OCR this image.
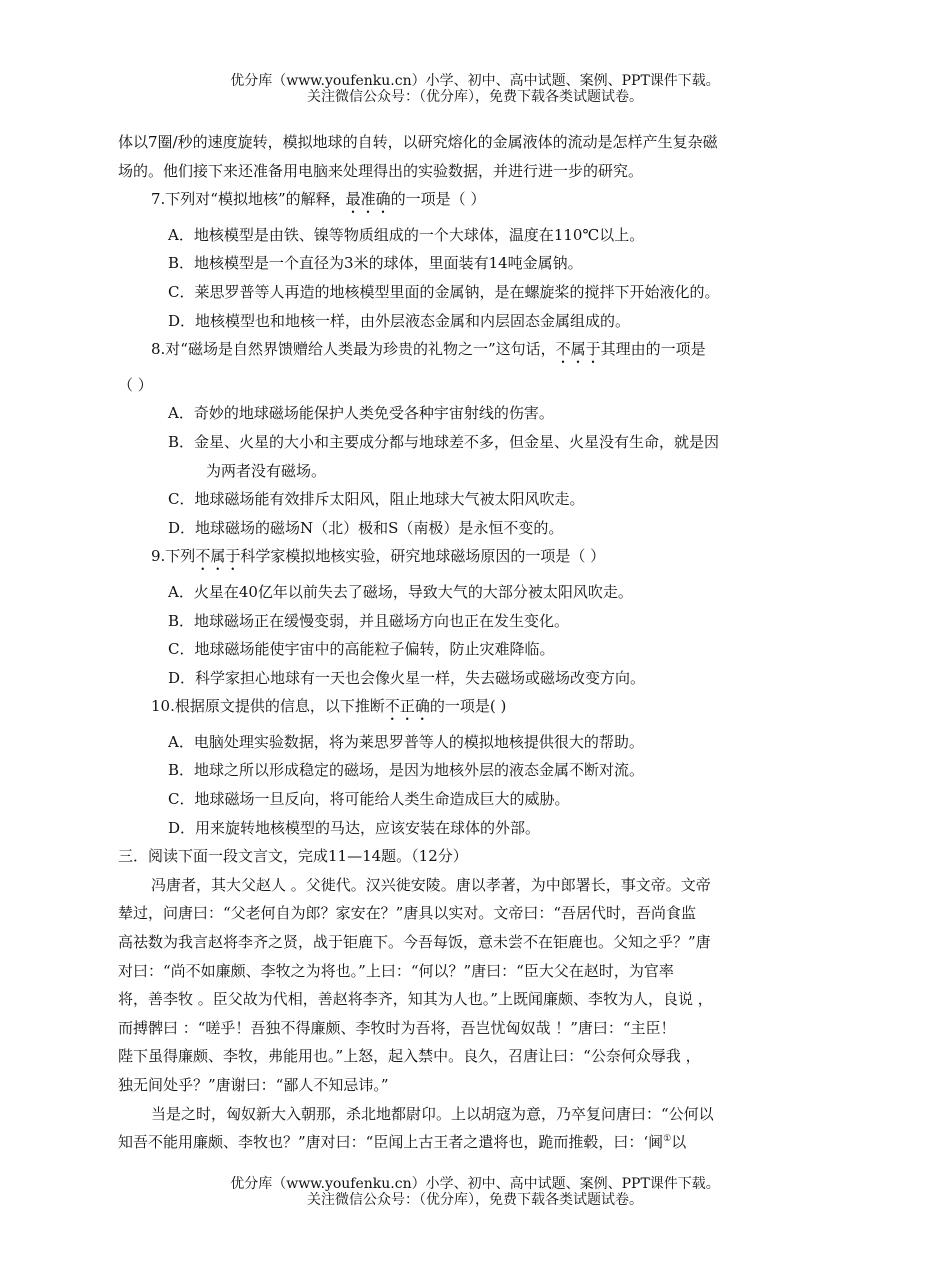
优分库（www.youfenku.cn）小学、初中、高中试题、案例、PPT课件下载。
关注微信公众号：（优分库），免费下载各类试题试卷。
体以7圈/秒的速度旋转，模拟地球的自转，以研究熔化的金属液体的流动是怎样产生复杂磁
场的。他们接下来还准备用电脑来处理得出的实验数据，并进行进一步的研究。
7.下列对“模拟地核”的解释，最准确的一项是（ ）
A．地核模型是由铁、镍等物质组成的一个大球体，温度在110℃以上。
B．地核模型是一个直径为3米的球体，里面装有14吨金属钠。
C．莱思罗普等人再造的地核模型里面的金属钠，是在螺旋桨的搅拌下开始液化的。
D．地核模型也和地核一样，由外层液态金属和内层固态金属组成的。
8.对“磁场是自然界馈赠给人类最为珍贵的礼物之一”这句话，不属于其理由的一项是
（ ）
A．奇妙的地球磁场能保护人类免受各种宇宙射线的伤害。
B．金星、火星的大小和主要成分都与地球差不多，但金星、火星没有生命，就是因
为两者没有磁场。
C．地球磁场能有效排斥太阳风，阻止地球大气被太阳风吹走。
D．地球磁场的磁场N（北）极和S（南极）是永恒不变的。
9.下列不属于科学家模拟地核实验，研究地球磁场原因的一项是（ ）
A．火星在40亿年以前失去了磁场，导致大气的大部分被太阳风吹走。
B．地球磁场正在缓慢变弱，并且磁场方向也正在发生变化。
C．地球磁场能使宇宙中的高能粒子偏转，防止灾难降临。
D．科学家担心地球有一天也会像火星一样，失去磁场或磁场改变方向。
10.根据原文提供的信息，以下推断不正确的一项是( )
A．电脑处理实验数据，将为莱思罗普等人的模拟地核提供很大的帮助。
B．地球之所以形成稳定的磁场，是因为地核外层的液态金属不断对流。
C．地球磁场一旦反向，将可能给人类生命造成巨大的威胁。
D．用来旋转地核模型的马达，应该安装在球体的外部。
三．阅读下面一段文言文，完成11—14题。（12分）
冯唐者，其大父赵人 。父徙代。汉兴徙安陵。唐以孝著，为中郎署长，事文帝。文帝
辇过，问唐曰：“父老何自为郎？家安在？”唐具以实对。文帝曰：“吾居代时，吾尚食监
高祛数为我言赵将李齐之贤，战于钜鹿下。今吾每饭，意未尝不在钜鹿也。父知之乎？”唐
对曰：“尚不如廉颇、李牧之为将也。”上曰：“何以？”唐曰：“臣大父在赵时，为官率
将，善李牧 。臣父故为代相，善赵将李齐，知其为人也。”上既闻廉颇、李牧为人，良说 ，
而搏髀曰 ：“嗟乎！吾独不得廉颇、李牧时为吾将，吾岂忧匈奴哉 ！”唐曰：“主臣！
陛下虽得廉颇、李牧，弗能用也。”上怒，起入禁中。良久，召唐让曰：“公奈何众辱我 ，
独无间处乎？”唐谢曰：“鄙人不知忌讳。”
当是之时，匈奴新大入朝那，杀北地都尉卬。上以胡寇为意，乃卒复问唐曰：“公何以
知吾不能用廉颇、李牧也？”唐对曰：“臣闻上古王者之遣将也，跪而推毂，曰：‘阃①以
优分库（www.youfenku.cn）小学、初中、高中试题、案例、PPT课件下载。
关注微信公众号：（优分库），免费下载各类试题试卷。
